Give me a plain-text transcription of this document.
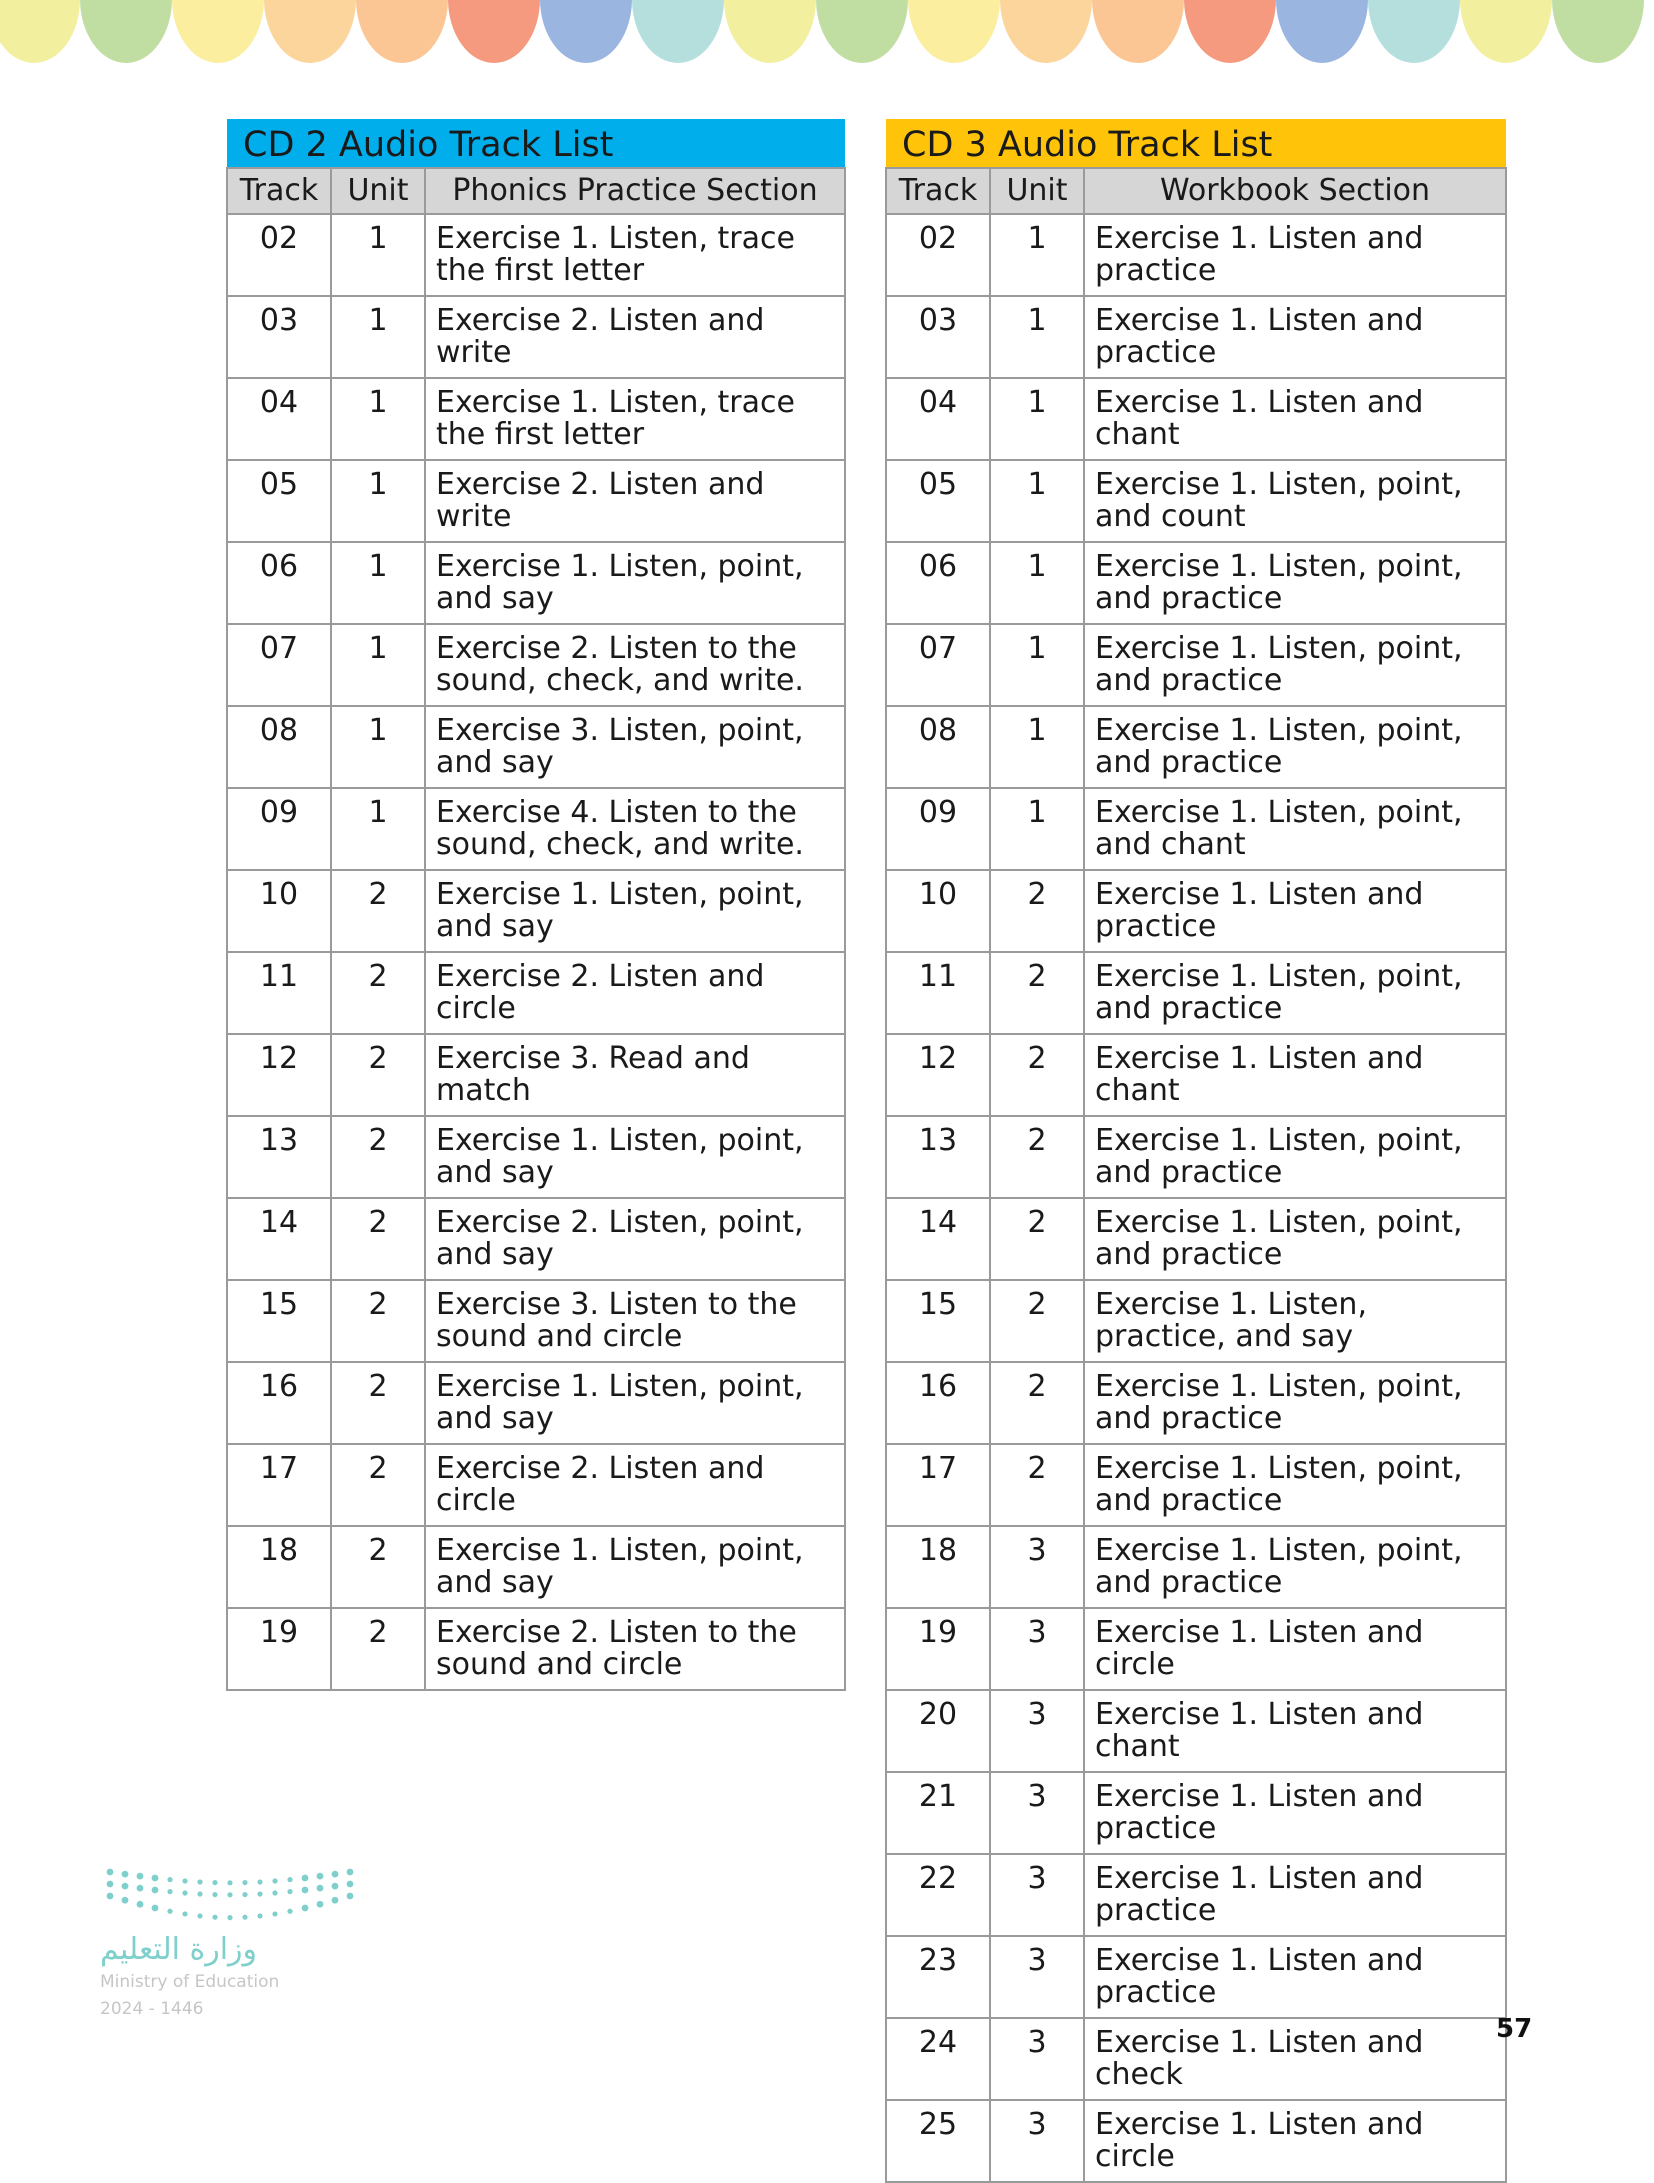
CD 2 Audio Track List		
Track	Unit	Phonics Practice Section
02	1	Exercise 1. Listen, trace the first letter
03	1	Exercise 2. Listen and write
04	1	Exercise 1. Listen, trace the first letter
05	1	Exercise 2. Listen and write
06	1	Exercise 1. Listen, point, and say
07	1	Exercise 2. Listen to the sound, check, and write.
08	1	Exercise 3. Listen, point, and say
09	1	Exercise 4. Listen to the sound, check, and write.
10	2	Exercise 1. Listen, point, and say
11	2	Exercise 2. Listen and circle
12	2	Exercise 3. Read and match
13	2	Exercise 1. Listen, point, and say
14	2	Exercise 2. Listen, point, and say
15	2	Exercise 3. Listen to the sound and circle
16	2	Exercise 1. Listen, point, and say
17	2	Exercise 2. Listen and circle
18	2	Exercise 1. Listen, point, and say
19	2	Exercise 2. Listen to the sound and circle
CD 3 Audio Track List		
Track	Unit	Workbook Section
02	1	Exercise 1. Listen and practice
03	1	Exercise 1. Listen and practice
04	1	Exercise 1. Listen and chant
05	1	Exercise 1. Listen, point, and count
06	1	Exercise 1. Listen, point, and practice
07	1	Exercise 1. Listen, point, and practice
08	1	Exercise 1. Listen, point, and practice
09	1	Exercise 1. Listen, point, and chant
10	2	Exercise 1. Listen and practice
11	2	Exercise 1. Listen, point, and practice
12	2	Exercise 1. Listen and chant
13	2	Exercise 1. Listen, point, and practice
14	2	Exercise 1. Listen, point, and practice
15	2	Exercise 1. Listen, practice, and say
16	2	Exercise 1. Listen, point, and practice
17	2	Exercise 1. Listen, point, and practice
18	3	Exercise 1. Listen, point, and practice
19	3	Exercise 1. Listen and circle
20	3	Exercise 1. Listen and chant
21	3	Exercise 1. Listen and practice
22	3	Exercise 1. Listen and practice
23	3	Exercise 1. Listen and practice
24	3	Exercise 1. Listen and check
25	3	Exercise 1. Listen and circle
وزارة التعليم
Ministry of Education
2024 - 1446
57
